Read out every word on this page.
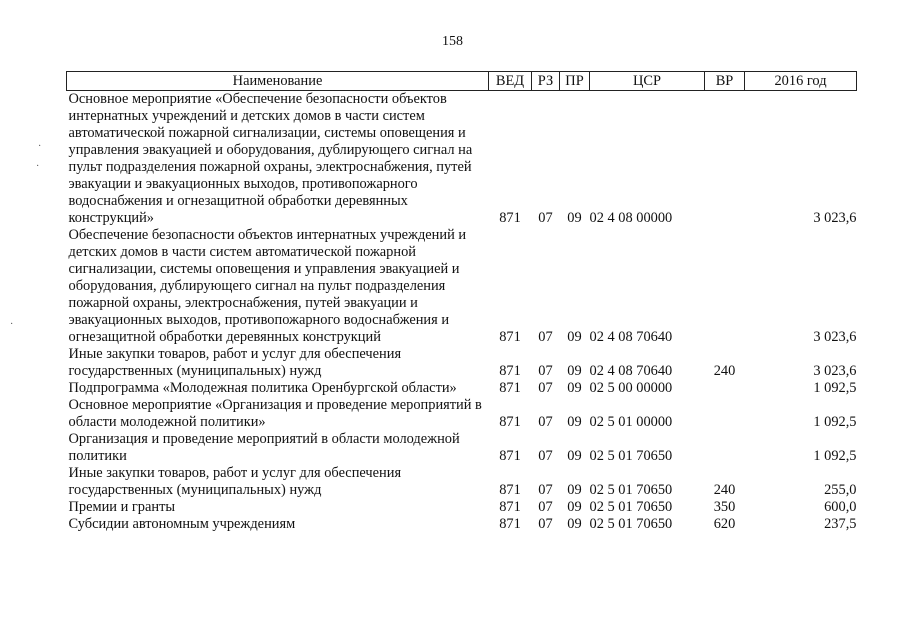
158
·
·
·
Наименование	ВЕД	РЗ	ПР	ЦСР	ВР	2016 год
Основное мероприятие «Обеспечение безопасности объектов интернатных учреждений и детских домов в части систем автоматической пожарной сигнализации, системы оповещения и управления эвакуацией и оборудования, дублирующего сигнал на пульт подразделения пожарной охраны, электроснабжения, путей эвакуации и эвакуационных выходов, противопожарного водоснабжения и огнезащитной обработки деревянных конструкций»	871	07	09	02 4 08 00000		3 023,6
Обеспечение безопасности объектов интернатных учреждений и детских домов в части систем автоматической пожарной сигнализации, системы оповещения и управления эвакуацией и оборудования, дублирующего сигнал на пульт подразделения пожарной охраны, электроснабжения, путей эвакуации и эвакуационных выходов, противопожарного водоснабжения и огнезащитной обработки деревянных конструкций	871	07	09	02 4 08 70640		3 023,6
Иные закупки товаров, работ и услуг для обеспечения государственных (муниципальных) нужд	871	07	09	02 4 08 70640	240	3 023,6
Подпрограмма «Молодежная политика Оренбургской области»	871	07	09	02 5 00 00000		1 092,5
Основное мероприятие «Организация и проведение мероприятий в области молодежной политики»	871	07	09	02 5 01 00000		1 092,5
Организация и проведение мероприятий в области молодежной политики	871	07	09	02 5 01 70650		1 092,5
Иные закупки товаров, работ и услуг для обеспечения государственных (муниципальных) нужд	871	07	09	02 5 01 70650	240	255,0
Премии и гранты	871	07	09	02 5 01 70650	350	600,0
Субсидии автономным учреждениям	871	07	09	02 5 01 70650	620	237,5
